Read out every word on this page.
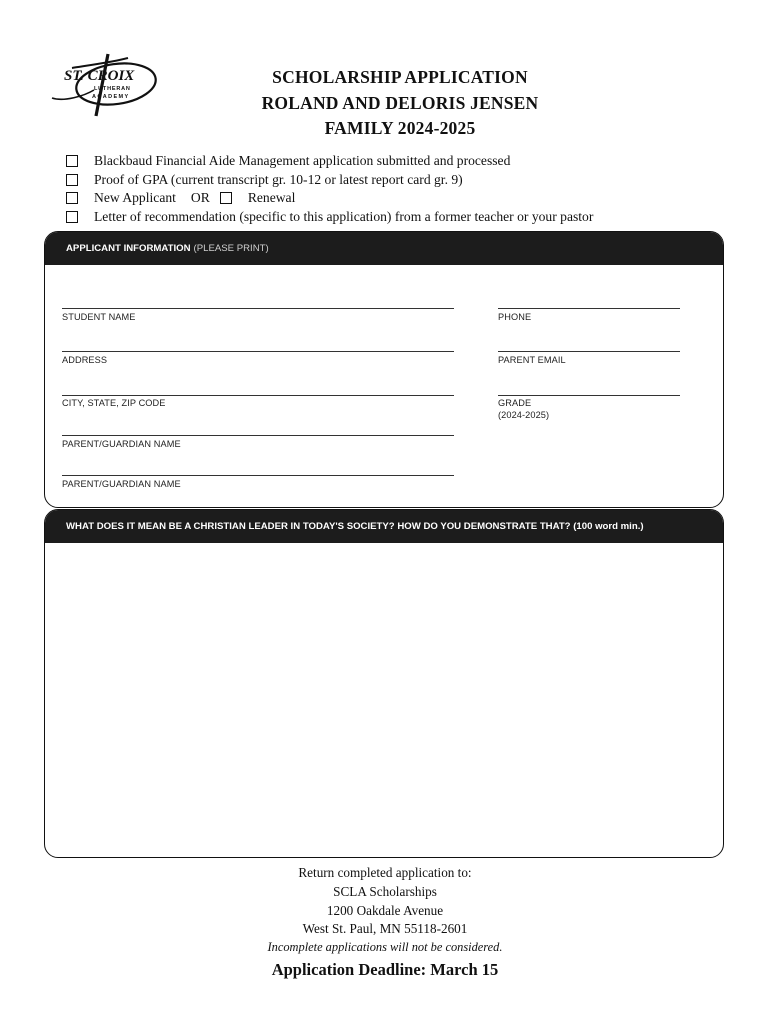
ST. CROIX
LUTHERAN
ACADEMY
SCHOLARSHIP APPLICATION
ROLAND AND DELORIS JENSEN
FAMILY 2024-2025
Blackbaud Financial Aide Management application submitted and processed
Proof of GPA (current transcript gr. 10-12 or latest report card gr. 9)
New Applicant OR	Renewal
Letter of recommendation (specific to this application) from a former teacher or your pastor
APPLICANT INFORMATION (PLEASE PRINT)
STUDENT NAME
ADDRESS
CITY, STATE, ZIP CODE
PARENT/GUARDIAN NAME
PARENT/GUARDIAN NAME
PHONE
PARENT EMAIL
GRADE
(2024-2025)
WHAT DOES IT MEAN BE A CHRISTIAN LEADER IN TODAY'S SOCIETY? HOW DO YOU DEMONSTRATE THAT? (100 word min.)
Return completed application to:
SCLA Scholarships
1200 Oakdale Avenue
West St. Paul, MN 55118-2601
Incomplete applications will not be considered.
Application Deadline: March 15
